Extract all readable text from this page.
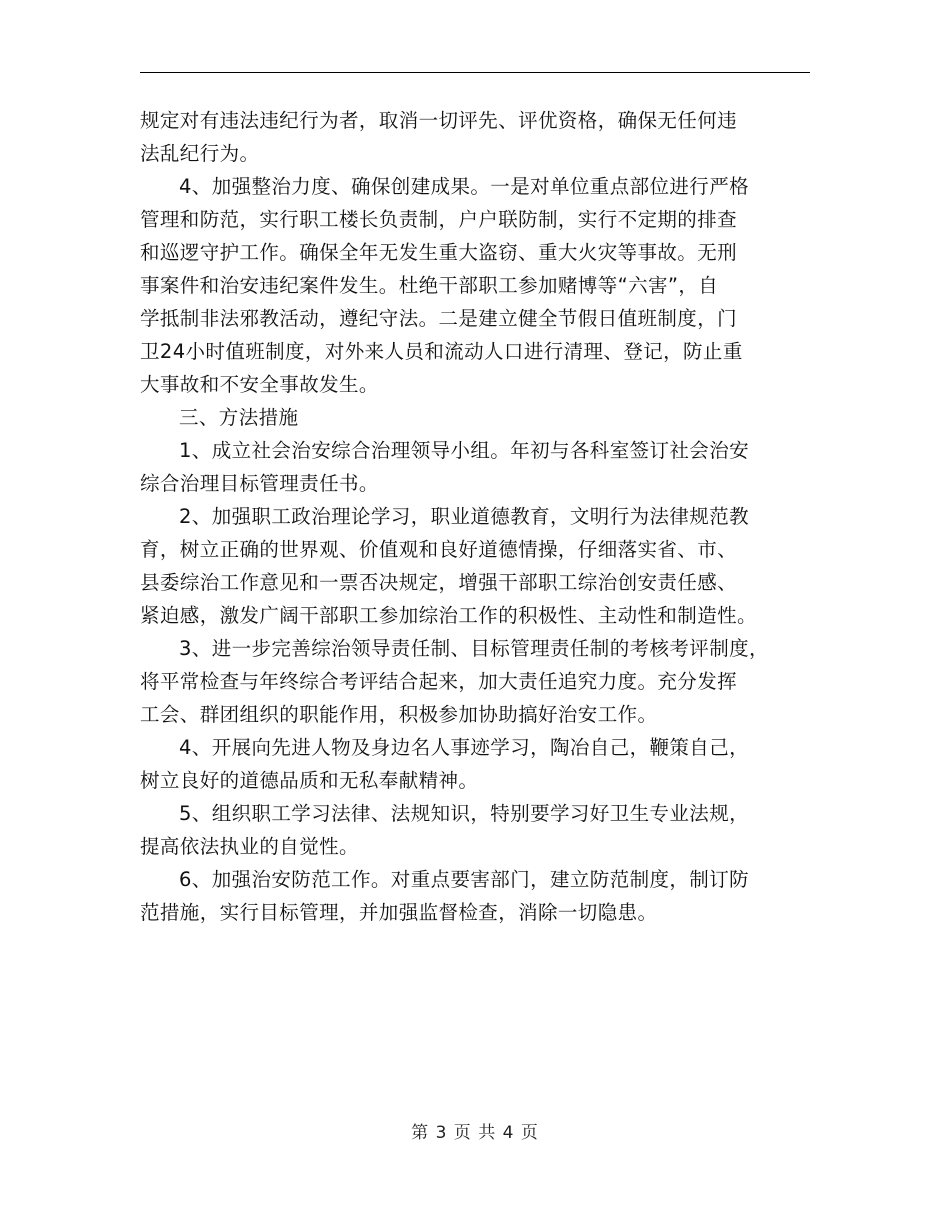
规定对有违法违纪行为者，取消一切评先、评优资格，确保无任何违
法乱纪行为。
4、加强整治力度、确保创建成果。一是对单位重点部位进行严格
管理和防范，实行职工楼长负责制，户户联防制，实行不定期的排查
和巡逻守护工作。确保全年无发生重大盗窃、重大火灾等事故。无刑
事案件和治安违纪案件发生。杜绝干部职工参加赌博等“六害”，自
学抵制非法邪教活动，遵纪守法。二是建立健全节假日值班制度，门
卫24小时值班制度，对外来人员和流动人口进行清理、登记，防止重
大事故和不安全事故发生。
三、方法措施
1、成立社会治安综合治理领导小组。年初与各科室签订社会治安
综合治理目标管理责任书。
2、加强职工政治理论学习，职业道德教育，文明行为法律规范教
育，树立正确的世界观、价值观和良好道德情操，仔细落实省、市、
县委综治工作意见和一票否决规定，增强干部职工综治创安责任感、
紧迫感，激发广阔干部职工参加综治工作的积极性、主动性和制造性。
3、进一步完善综治领导责任制、目标管理责任制的考核考评制度，
将平常检查与年终综合考评结合起来，加大责任追究力度。充分发挥
工会、群团组织的职能作用，积极参加协助搞好治安工作。
4、开展向先进人物及身边名人事迹学习，陶冶自己，鞭策自己，
树立良好的道德品质和无私奉献精神。
5、组织职工学习法律、法规知识，特别要学习好卫生专业法规，
提高依法执业的自觉性。
6、加强治安防范工作。对重点要害部门，建立防范制度，制订防
范措施，实行目标管理，并加强监督检查，消除一切隐患。
第 3 页 共 4 页
